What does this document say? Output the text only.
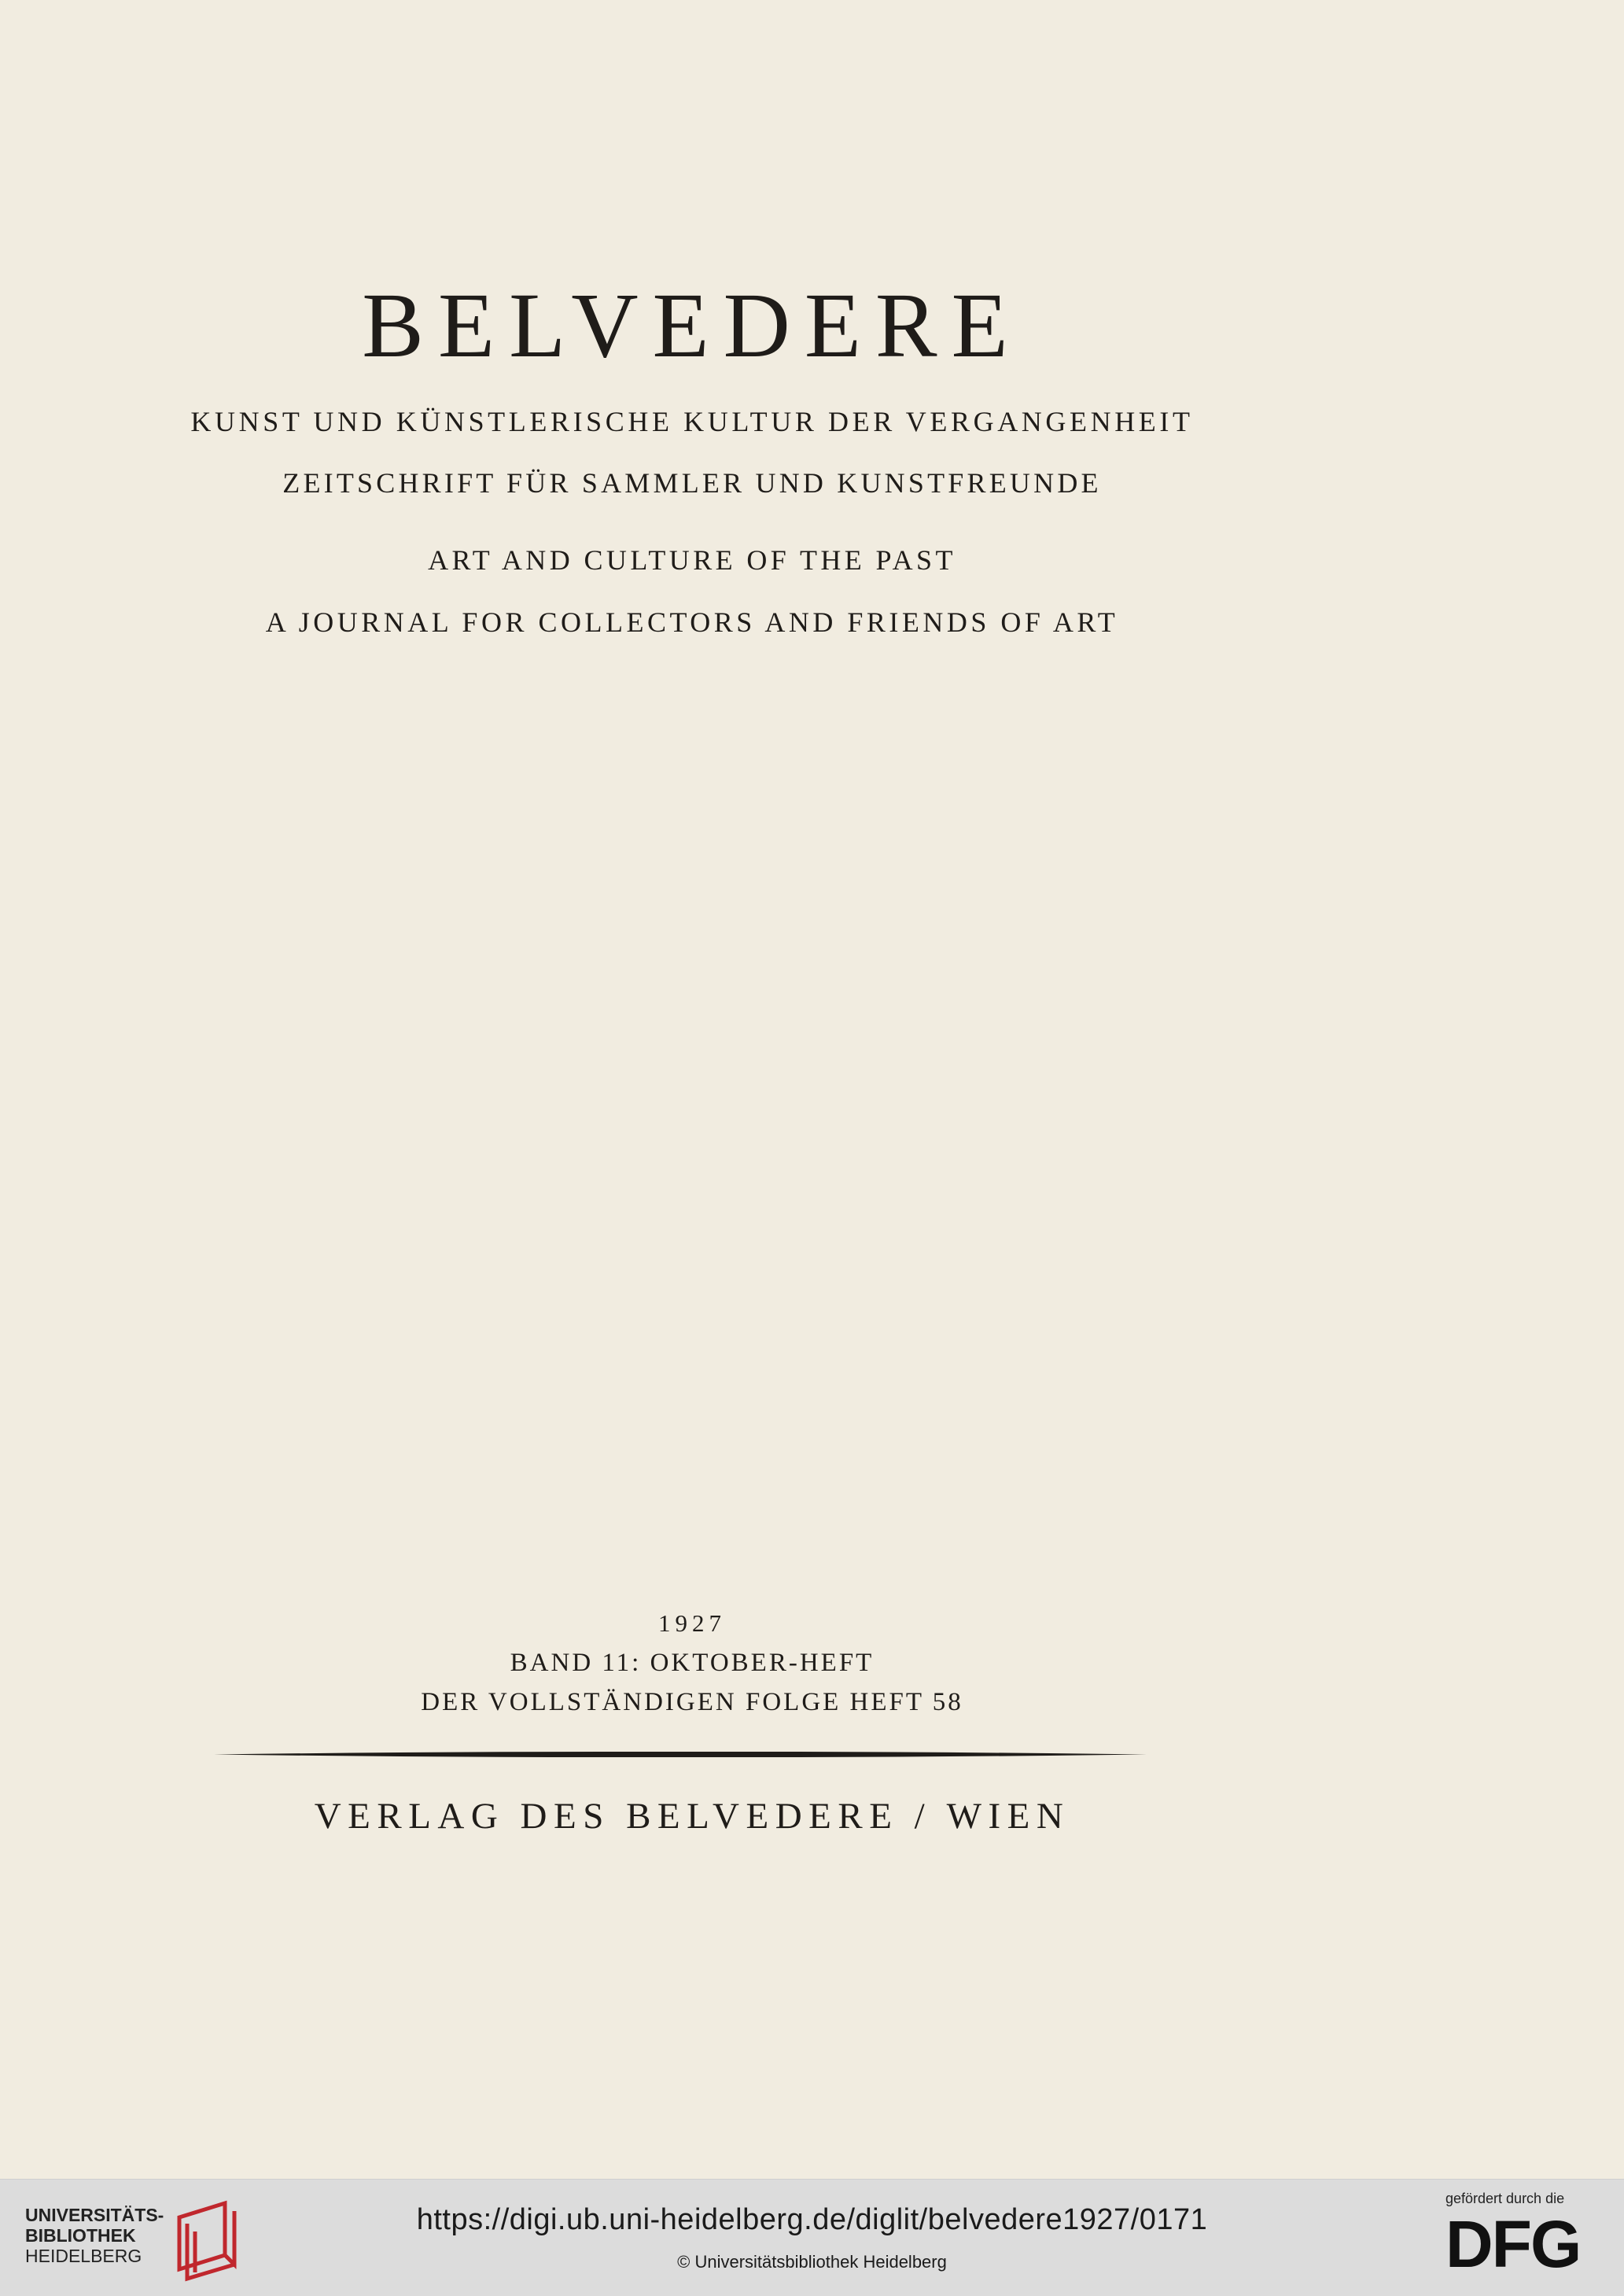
BELVEDERE
KUNST UND KÜNSTLERISCHE KULTUR DER VERGANGENHEIT
ZEITSCHRIFT FÜR SAMMLER UND KUNSTFREUNDE
ART AND CULTURE OF THE PAST
A JOURNAL FOR COLLECTORS AND FRIENDS OF ART
1927
BAND 11: OKTOBER-HEFT
DER VOLLSTÄNDIGEN FOLGE HEFT 58
VERLAG DES BELVEDERE / WIEN
UNIVERSITÄTS-
BIBLIOTHEK
HEIDELBERG
https://digi.ub.uni-heidelberg.de/diglit/belvedere1927/0171
© Universitätsbibliothek Heidelberg
gefördert durch die
DFG
